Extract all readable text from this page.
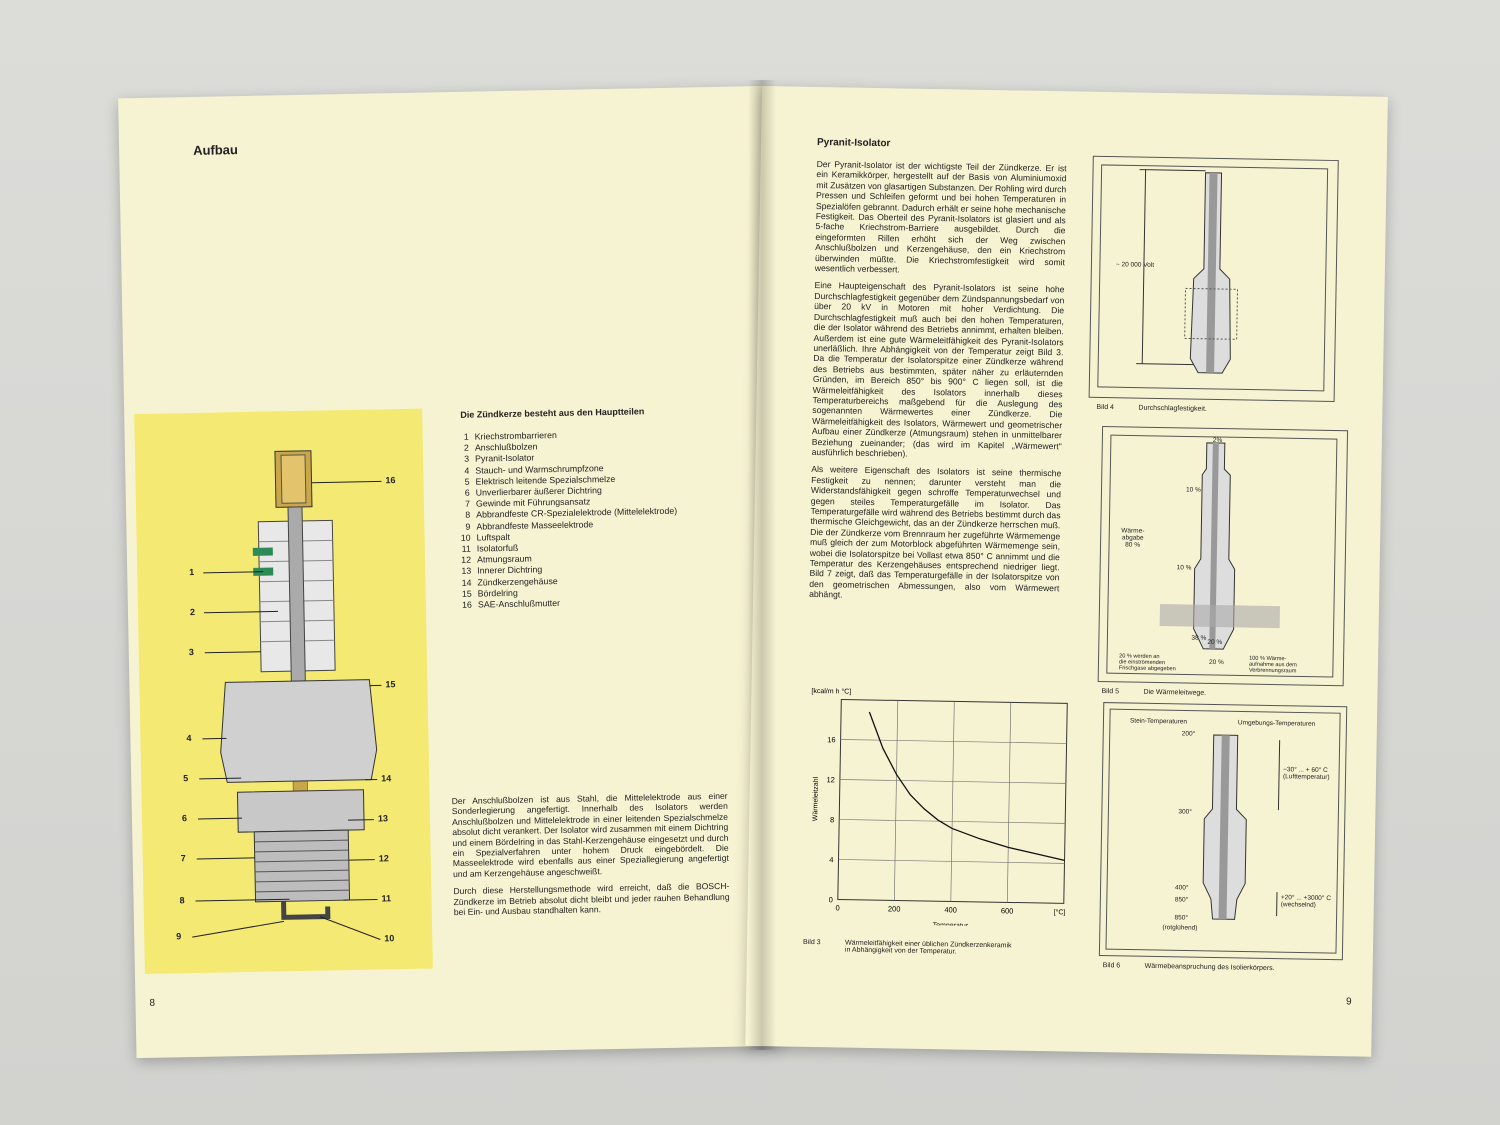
Aufbau
1
2
3
4
5
6
7
8
9
16
15
14
13
12
11
10
Die Zündkerze besteht aus den Hauptteilen
1 Kriechstrombarrieren
2 Anschlußbolzen
3 Pyranit-Isolator
4 Stauch- und Warmschrumpfzone
5 Elektrisch leitende Spezialschmelze
6 Unverlierbarer äußerer Dichtring
7 Gewinde mit Führungsansatz
8 Abbrandfeste CR-Spezialelektrode (Mittelelektrode)
9 Abbrandfeste Masseelektrode
10 Luftspalt
11 Isolatorfuß
12 Atmungsraum
13 Innerer Dichtring
14 Zündkerzengehäuse
15 Bördelring
16 SAE-Anschlußmutter

Der Anschlußbolzen ist aus Stahl, die Mittelelektrode aus einer Sonderlegierung angefertigt. Innerhalb des Isolators werden Anschlußbolzen und Mittelelektrode in einer leitenden Spezialschmelze absolut dicht verankert. Der Isolator wird zusammen mit einem Dichtring und einem Bördelring in das Stahl-Kerzengehäuse eingesetzt und durch ein Spezialverfahren unter hohem Druck eingebördelt. Die Masseelektrode wird ebenfalls aus einer Speziallegierung angefertigt und am Kerzengehäuse angeschweißt.

Durch diese Herstellungsmethode wird erreicht, daß die BOSCH-Zündkerze im Betrieb absolut dicht bleibt und jeder rauhen Behandlung bei Ein- und Ausbau standhalten kann.

8
Pyranit-Isolator

Der Pyranit-Isolator ist der wichtigste Teil der Zündkerze. Er ist ein Keramikkörper, hergestellt auf der Basis von Aluminiumoxid mit Zusätzen von glasartigen Substanzen. Der Rohling wird durch Pressen und Schleifen geformt und bei hohen Temperaturen in Spezialöfen gebrannt. Dadurch erhält er seine hohe mechanische Festigkeit. Das Oberteil des Pyranit-Isolators ist glasiert und als 5-fache Kriechstrom-Barriere ausgebildet. Durch die eingeformten Rillen erhöht sich der Weg zwischen Anschlußbolzen und Kerzengehäuse, den ein Kriechstrom überwinden müßte. Die Kriechstromfestigkeit wird somit wesentlich verbessert.

Eine Haupteigenschaft des Pyranit-Isolators ist seine hohe Durchschlagfestigkeit gegenüber dem Zündspannungsbedarf von über 20 kV in Motoren mit hoher Verdichtung. Die Durchschlagfestigkeit muß auch bei den hohen Temperaturen, die der Isolator während des Betriebs annimmt, erhalten bleiben. Außerdem ist eine gute Wärmeleitfähigkeit des Pyranit-Isolators unerläßlich. Ihre Abhängigkeit von der Temperatur zeigt Bild 3. Da die Temperatur der Isolatorspitze einer Zündkerze während des Betriebs aus bestimmten, später näher zu erläuternden Gründen, im Bereich 850° bis 900° C liegen soll, ist die Wärmeleitfähigkeit des Isolators innerhalb dieses Temperaturbereichs maßgebend für die Auslegung des sogenannten Wärmewertes einer Zündkerze. Die Wärmeleitfähigkeit des Isolators, Wärmewert und geometrischer Aufbau einer Zündkerze (Atmungsraum) stehen in unmittelbarer Beziehung zueinander; (das wird im Kapitel „Wärmewert" ausführlich beschrieben).

Als weitere Eigenschaft des Isolators ist seine thermische Festigkeit zu nennen; darunter versteht man die Widerstandsfähigkeit gegen schroffe Temperaturwechsel und gegen steiles Temperaturgefälle im Isolator. Das Temperaturgefälle wird während des Betriebs bestimmt durch das thermische Gleichgewicht, das an der Zündkerze herrschen muß. Die der Zündkerze vom Brennraum her zugeführte Wärmemenge muß gleich der zum Motorblock abgeführten Wärmemenge sein, wobei die Isolatorspitze bei Vollast etwa 850° C annimmt und die Temperatur des Kerzengehäuses entsprechend niedriger liegt. Bild 7 zeigt, daß das Temperaturgefälle in der Isolatorspitze von den geometrischen Abmessungen, also vom Wärmewert abhängt.

0	200	400	600
0
4
8
12
16
[kcal/m h °C]
[°C]
Temperatur
Wärmeleitzahl
Bild 3	Wärmeleitfähigkeit einer üblichen Zündkerzenkeramik
in Abhängigkeit von der Temperatur.
~ 20 000 Volt
Bild 4	Durchschlagfestigkeit.
2%
10 %
Wärme-
abgabe
80 %
10 %
38 %
20 %
20 %
20 % werden an
die einströmenden
Frischgase abgegeben
100 % Wärme-
aufnahme aus dem
Verbrennungsraum
Bild 5	Die Wärmeleitwege.
Stein-Temperaturen	Umgebungs-Temperaturen
200°
−30° ... + 60° C
(Lufttemperatur)
300°
400°
850°	+20° ... +3000° C
(wechselnd)
850°
(rotglühend)
Bild 6	Wärmebeanspruchung des Isolierkörpers.
9
